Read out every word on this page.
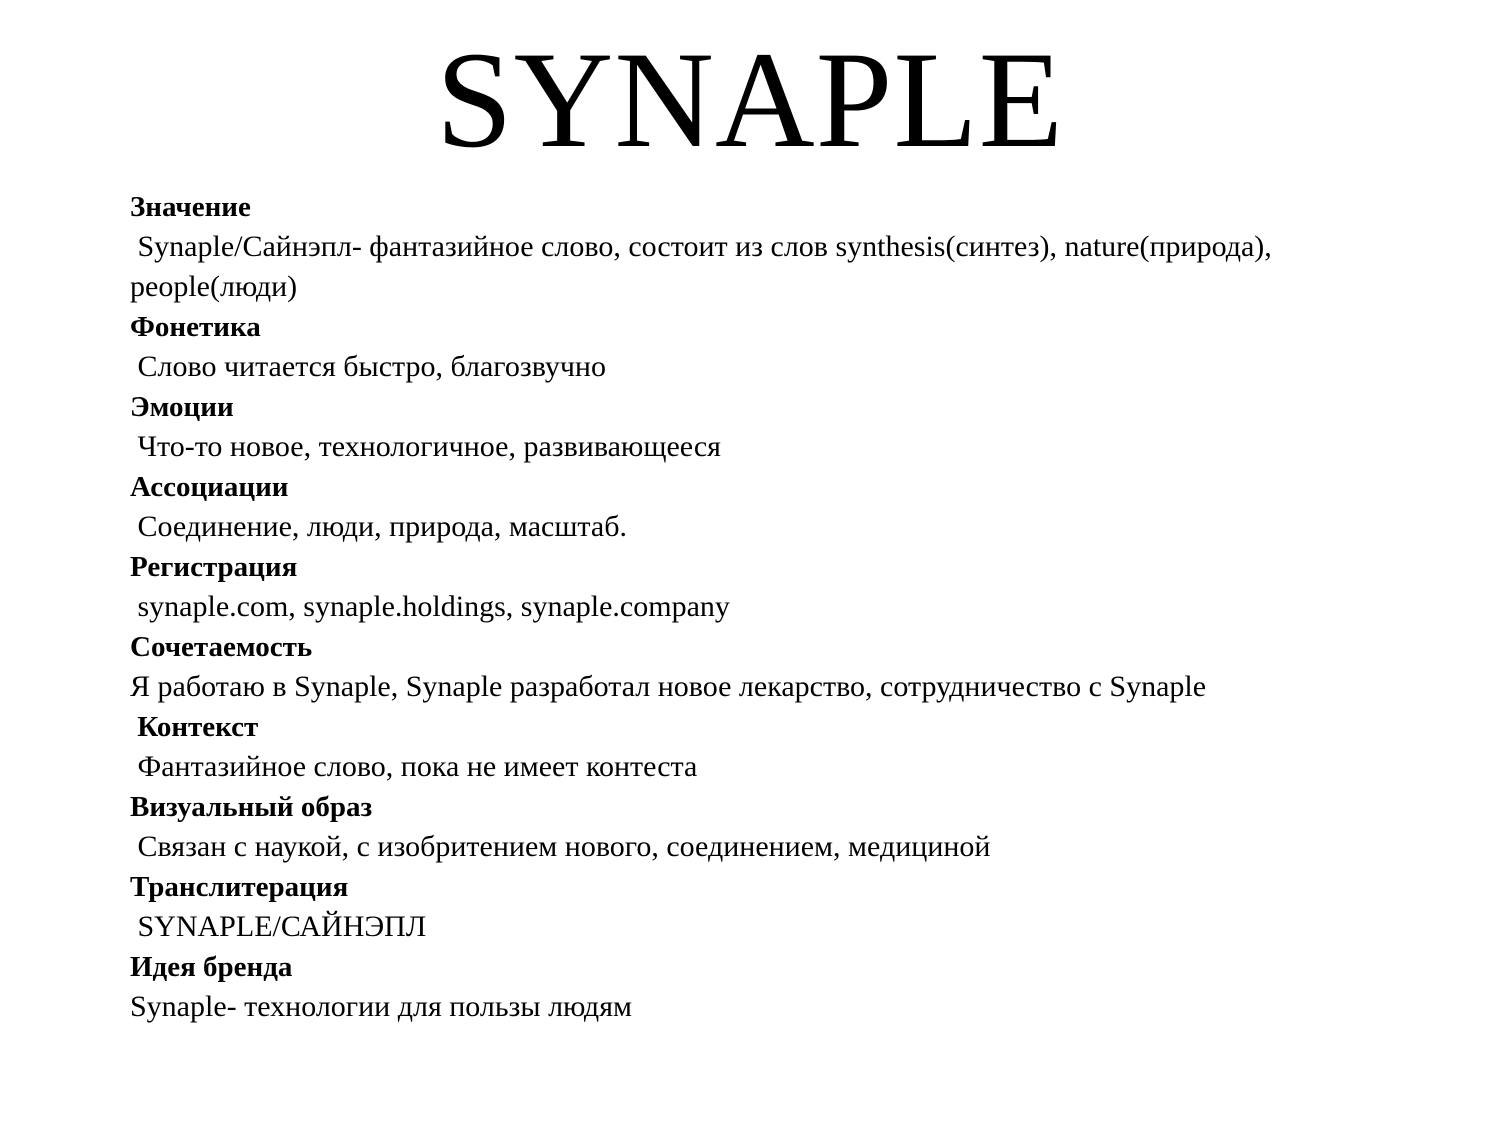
SYNAPLE
Значение
Synaple/Сайнэпл- фантазийное слово, состоит из слов synthesis(синтез), nature(природа), people(люди)
Фонетика
Слово читается быстро, благозвучно
Эмоции
Что-то новое, технологичное, развивающееся
Ассоциации
Соединение, люди, природа, масштаб.
Регистрация
synaple.com, synaple.holdings, synaple.company
Сочетаемость
Я работаю в Synaple, Synaple разработал новое лекарство, сотрудничество с Synaple
Контекст
Фантазийное слово, пока не имеет контеста
Визуальный образ
Связан с наукой, с изобритением нового, соединением, медициной
Транслитерация
SYNAPLE/САЙНЭПЛ
Идея бренда
Synaple- технологии для пользы людям
